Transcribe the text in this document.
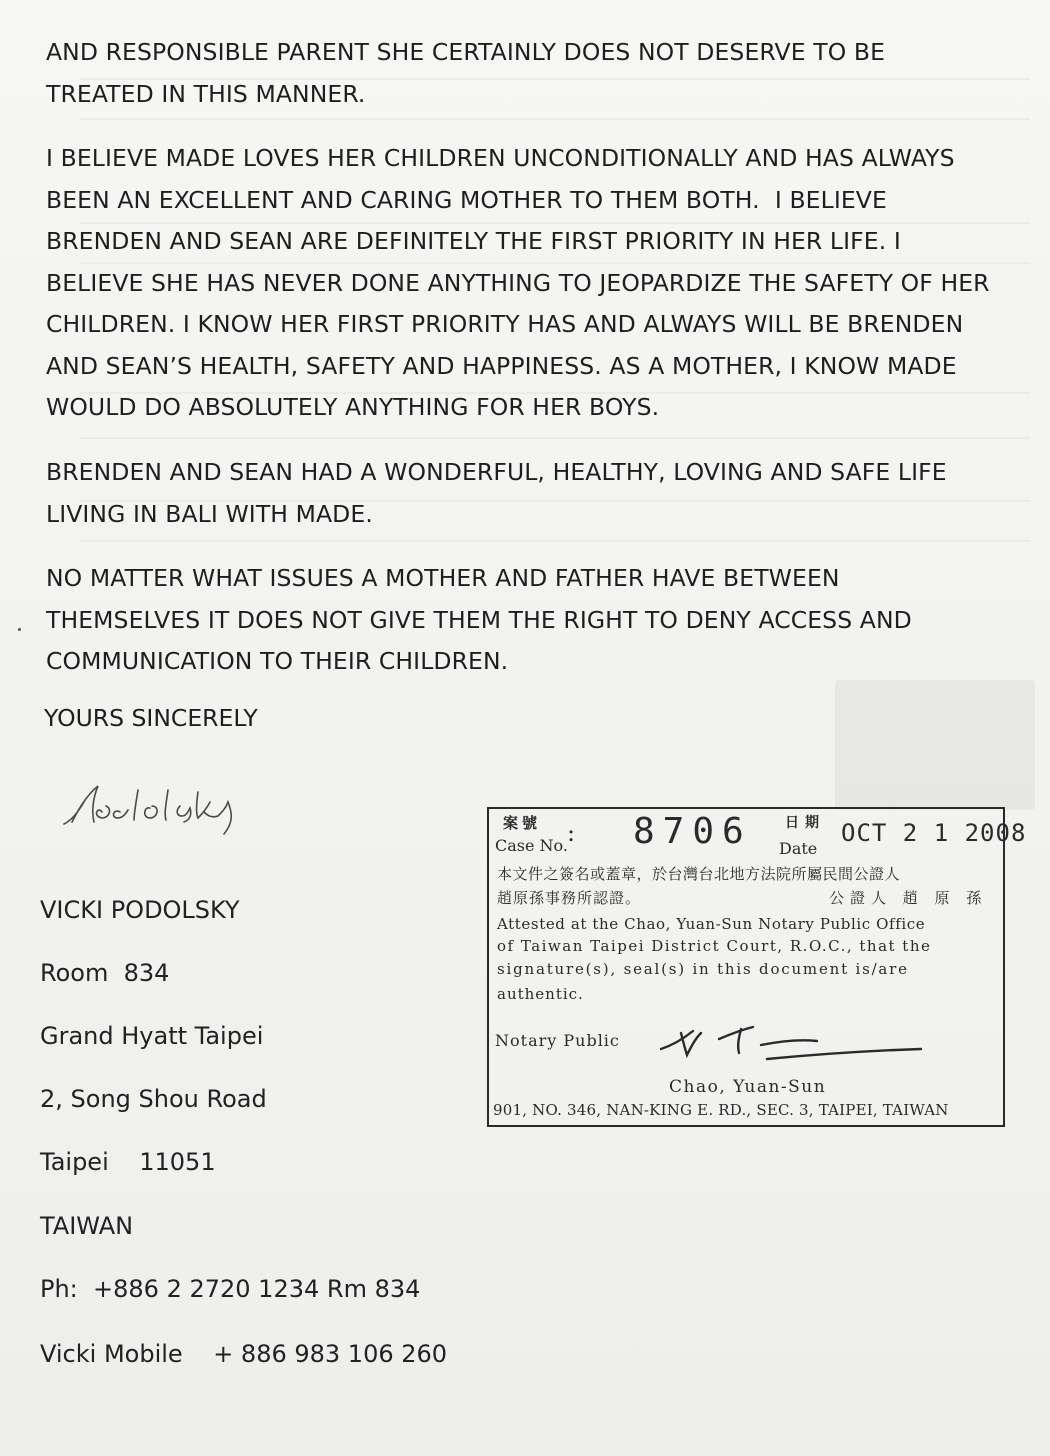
AND RESPONSIBLE PARENT SHE CERTAINLY DOES NOT DESERVE TO BE
TREATED IN THIS MANNER.
I BELIEVE MADE LOVES HER CHILDREN UNCONDITIONALLY AND HAS ALWAYS
BEEN AN EXCELLENT AND CARING MOTHER TO THEM BOTH.  I BELIEVE
BRENDEN AND SEAN ARE DEFINITELY THE FIRST PRIORITY IN HER LIFE. I
BELIEVE SHE HAS NEVER DONE ANYTHING TO JEOPARDIZE THE SAFETY OF HER
CHILDREN. I KNOW HER FIRST PRIORITY HAS AND ALWAYS WILL BE BRENDEN
AND SEAN’S HEALTH, SAFETY AND HAPPINESS. AS A MOTHER, I KNOW MADE
WOULD DO ABSOLUTELY ANYTHING FOR HER BOYS.
BRENDEN AND SEAN HAD A WONDERFUL, HEALTHY, LOVING AND SAFE LIFE
LIVING IN BALI WITH MADE.
NO MATTER WHAT ISSUES A MOTHER AND FATHER HAVE BETWEEN
THEMSELVES IT DOES NOT GIVE THEM THE RIGHT TO DENY ACCESS AND
COMMUNICATION TO THEIR CHILDREN.
YOURS SINCERELY
VICKI PODOLSKY
Room  834
Grand Hyatt Taipei
2, Song Shou Road
Taipei    11051
TAIWAN
Ph:  +886 2 2720 1234 Rm 834
Vicki Mobile    + 886 983 106 260
案號
Case No. : 8706 日期
Date
OCT 2 1 2008
本文件之簽名或蓋章，於台灣台北地方法院所屬民間公證人
趙原孫事務所認證。	公證人 趙 原 孫
Attested at the Chao, Yuan-Sun Notary Public Office
of Taiwan Taipei District Court, R.O.C., that the
signature(s), seal(s) in this document is/are
authentic.
Notary Public
Chao, Yuan-Sun
901, NO. 346, NAN-KING E. RD., SEC. 3, TAIPEI, TAIWAN
